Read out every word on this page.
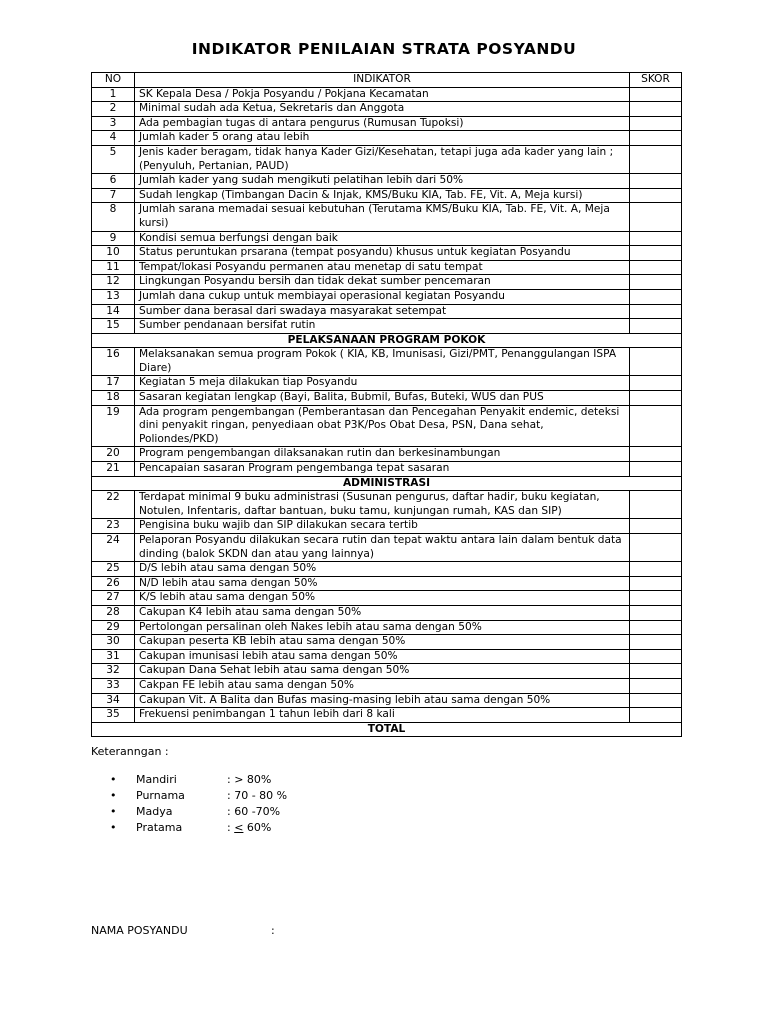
INDIKATOR PENILAIAN STRATA POSYANDU
NO	INDIKATOR	SKOR
1	SK Kepala Desa / Pokja Posyandu / Pokjana Kecamatan	
2	Minimal sudah ada Ketua, Sekretaris dan Anggota	
3	Ada pembagian tugas di antara pengurus (Rumusan Tupoksi)	
4	Jumlah kader 5 orang atau lebih	
5	Jenis kader beragam, tidak hanya Kader Gizi/Kesehatan, tetapi juga ada kader yang lain ; (Penyuluh, Pertanian, PAUD)	
6	Jumlah kader yang sudah mengikuti pelatihan lebih dari 50%	
7	Sudah lengkap (Timbangan Dacin & Injak, KMS/Buku KIA, Tab. FE, Vit. A, Meja kursi)	
8	Jumlah sarana memadai sesuai kebutuhan (Terutama KMS/Buku KIA, Tab. FE, Vit. A, Meja kursi)	
9	Kondisi semua berfungsi dengan baik	
10	Status peruntukan prsarana (tempat posyandu) khusus untuk kegiatan Posyandu	
11	Tempat/lokasi Posyandu permanen atau menetap di satu tempat	
12	Lingkungan Posyandu bersih dan tidak dekat sumber pencemaran	
13	Jumlah dana cukup untuk membiayai operasional kegiatan Posyandu	
14	Sumber dana berasal dari swadaya masyarakat setempat	
15	Sumber pendanaan bersifat rutin	
PELAKSANAAN PROGRAM POKOK		
16	Melaksanakan semua program Pokok ( KIA, KB, Imunisasi, Gizi/PMT, Penanggulangan ISPA Diare)	
17	Kegiatan 5 meja dilakukan tiap Posyandu	
18	Sasaran kegiatan lengkap (Bayi, Balita, Bubmil, Bufas, Buteki, WUS dan PUS	
19	Ada program pengembangan (Pemberantasan dan Pencegahan Penyakit endemic, deteksi dini penyakit ringan, penyediaan obat P3K/Pos Obat Desa, PSN, Dana sehat, Poliondes/PKD)	
20	Program pengembangan dilaksanakan rutin dan berkesinambungan	
21	Pencapaian sasaran Program pengembanga tepat sasaran	
ADMINISTRASI		
22	Terdapat minimal 9 buku administrasi (Susunan pengurus, daftar hadir, buku kegiatan, Notulen, Infentaris, daftar bantuan, buku tamu, kunjungan rumah, KAS dan SIP)	
23	Pengisina buku wajib dan SIP dilakukan secara tertib	
24	Pelaporan Posyandu dilakukan secara rutin dan tepat waktu antara lain dalam bentuk data dinding (balok SKDN dan atau yang lainnya)	
25	D/S lebih atau sama dengan 50%	
26	N/D lebih atau sama dengan 50%	
27	K/S lebih atau sama dengan 50%	
28	Cakupan K4 lebih atau sama dengan 50%	
29	Pertolongan persalinan oleh Nakes lebih atau sama dengan 50%	
30	Cakupan peserta KB lebih atau sama dengan 50%	
31	Cakupan imunisasi lebih atau sama dengan 50%	
32	Cakupan Dana Sehat lebih atau sama dengan 50%	
33	Cakpan FE lebih atau sama dengan 50%	
34	Cakupan Vit. A Balita dan Bufas masing-masing lebih atau sama dengan 50%	
35	Frekuensi penimbangan 1 tahun lebih dari 8 kali	
TOTAL		

Keteranngan :

• Mandiri	: > 80%
• Purnama	: 70 - 80 %
• Madya	: 60 -70%
• Pratama	: < 60%
NAMA POSYANDU	:
